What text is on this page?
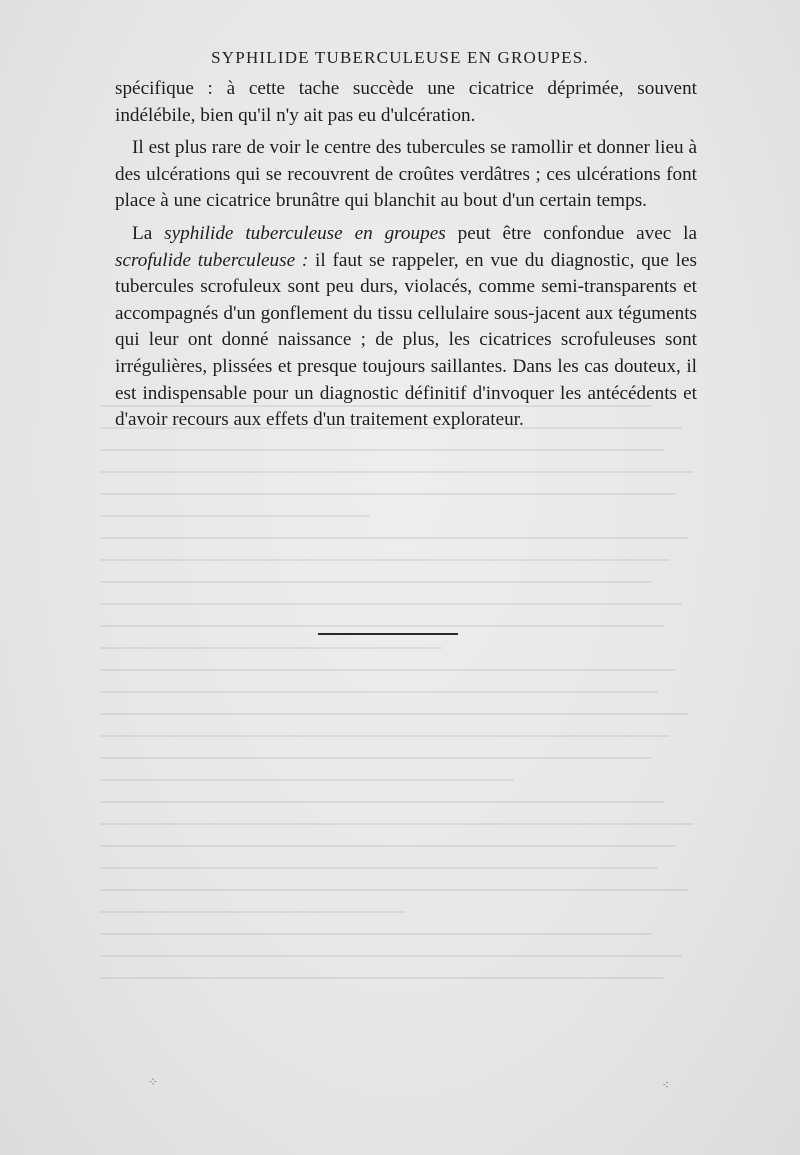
SYPHILIDE TUBERCULEUSE EN GROUPES.

spécifique : à cette tache succède une cicatrice déprimée, souvent indélébile, bien qu'il n'y ait pas eu d'ulcération.

Il est plus rare de voir le centre des tubercules se ramollir et donner lieu à des ulcérations qui se recouvrent de croûtes verdâtres ; ces ulcérations font place à une cicatrice brunâtre qui blanchit au bout d'un certain temps.

La syphilide tuberculeuse en groupes peut être confondue avec la scrofulide tuberculeuse : il faut se rappeler, en vue du diagnostic, que les tubercules scrofuleux sont peu durs, violacés, comme semi-transparents et accompagnés d'un gonflement du tissu cellulaire sous-jacent aux téguments qui leur ont donné naissance ; de plus, les cicatrices scrofuleuses sont irrégulières, plissées et presque toujours saillantes. Dans les cas douteux, il est indispensable pour un diagnostic définitif d'invoquer les antécédents et d'avoir recours aux effets d'un traitement explorateur.

⁘	⁖
